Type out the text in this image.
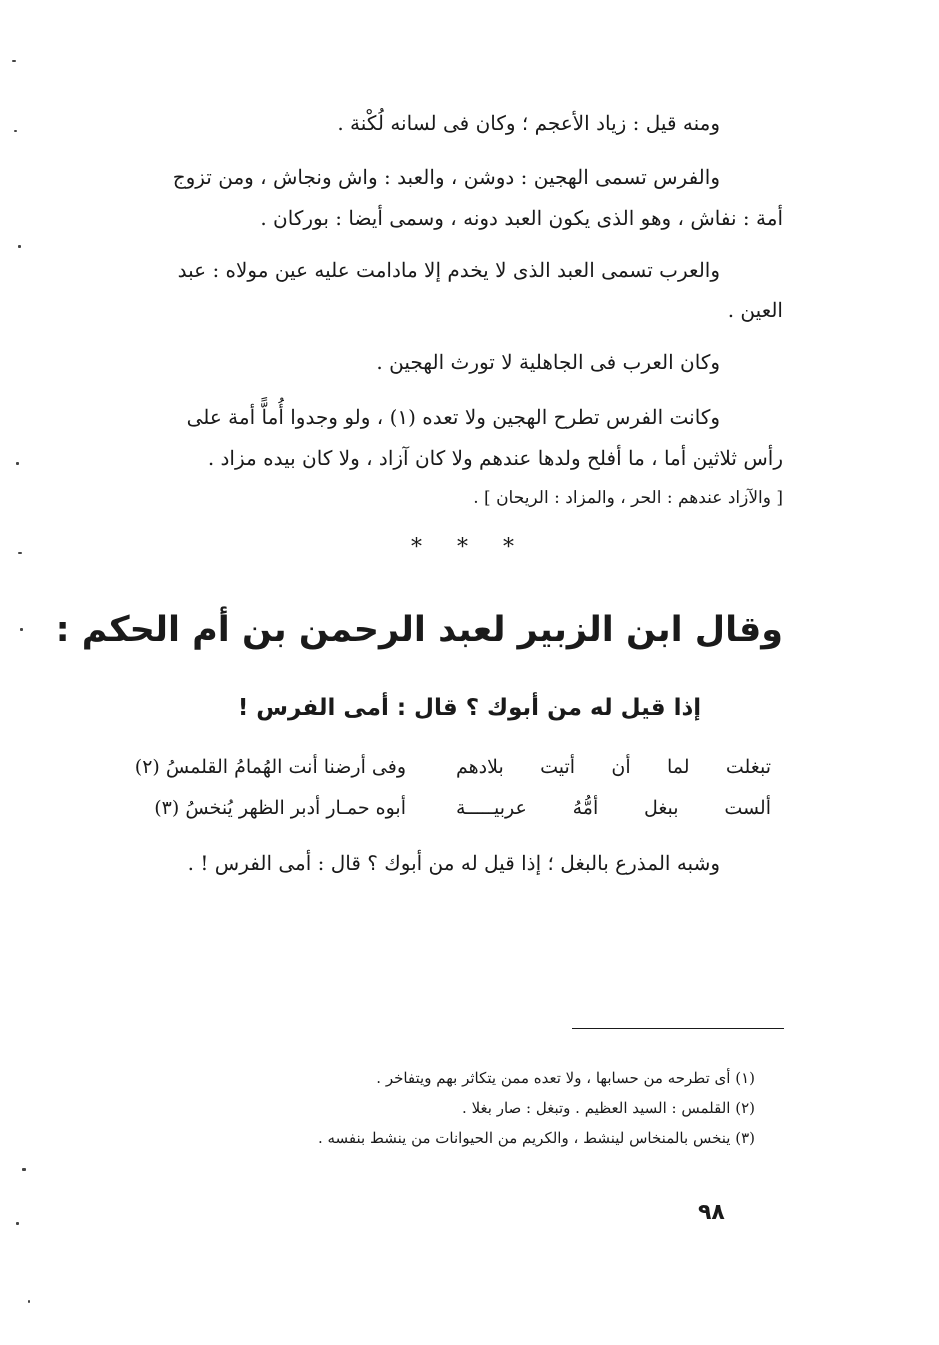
ومنه قيل : زياد الأعجم ؛ وكان فى لسانه لُكْنة .
والفرس تسمى الهجين : دوشن ، والعبد : واش ونجاش ، ومن تزوج
أمة : نفاش ، وهو الذى يكون العبد دونه ، وسمى أيضا : بوركان .
والعرب تسمى العبد الذى لا يخدم إلا مادامت عليه عين مولاه : عبد
العين .
وكان العرب فى الجاهلية لا تورث الهجين .
وكانت الفرس تطرح الهجين ولا تعده (١) ، ولو وجدوا أُماًّ أمة على
رأس ثلاثين أما ، ما أفلح ولدها عندهم ولا كان آزاد ، ولا كان بيده مزاد .
[ والآزاد عندهم : الحر ، والمزاد : الريحان ] .
* * *
وقال ابن الزبير لعبد الرحمن بن أم الحكم :
إذا قيل له من أبوك ؟ قال : أمى الفرس !
تبغلت لما أن أتيت بلادهم
وفى أرضنا أنت الهُمامُ القلمسُ (٢)
ألست ببغل أمُّهُ عربيـــــة
أبوه حمـار أدبر الظهر يُنخسُ (٣)
وشبه المذرع بالبغل ؛ إذا قيل له من أبوك ؟ قال : أمى الفرس ! .
(١) أى تطرحه من حسابها ، ولا تعده ممن يتكاثر بهم ويتفاخر .
(٢) القلمس : السيد العظيم . وتبغل : صار بغلا .
(٣) ينخس بالمنخاس لينشط ، والكريم من الحيوانات من ينشط بنفسه .
٩٨
